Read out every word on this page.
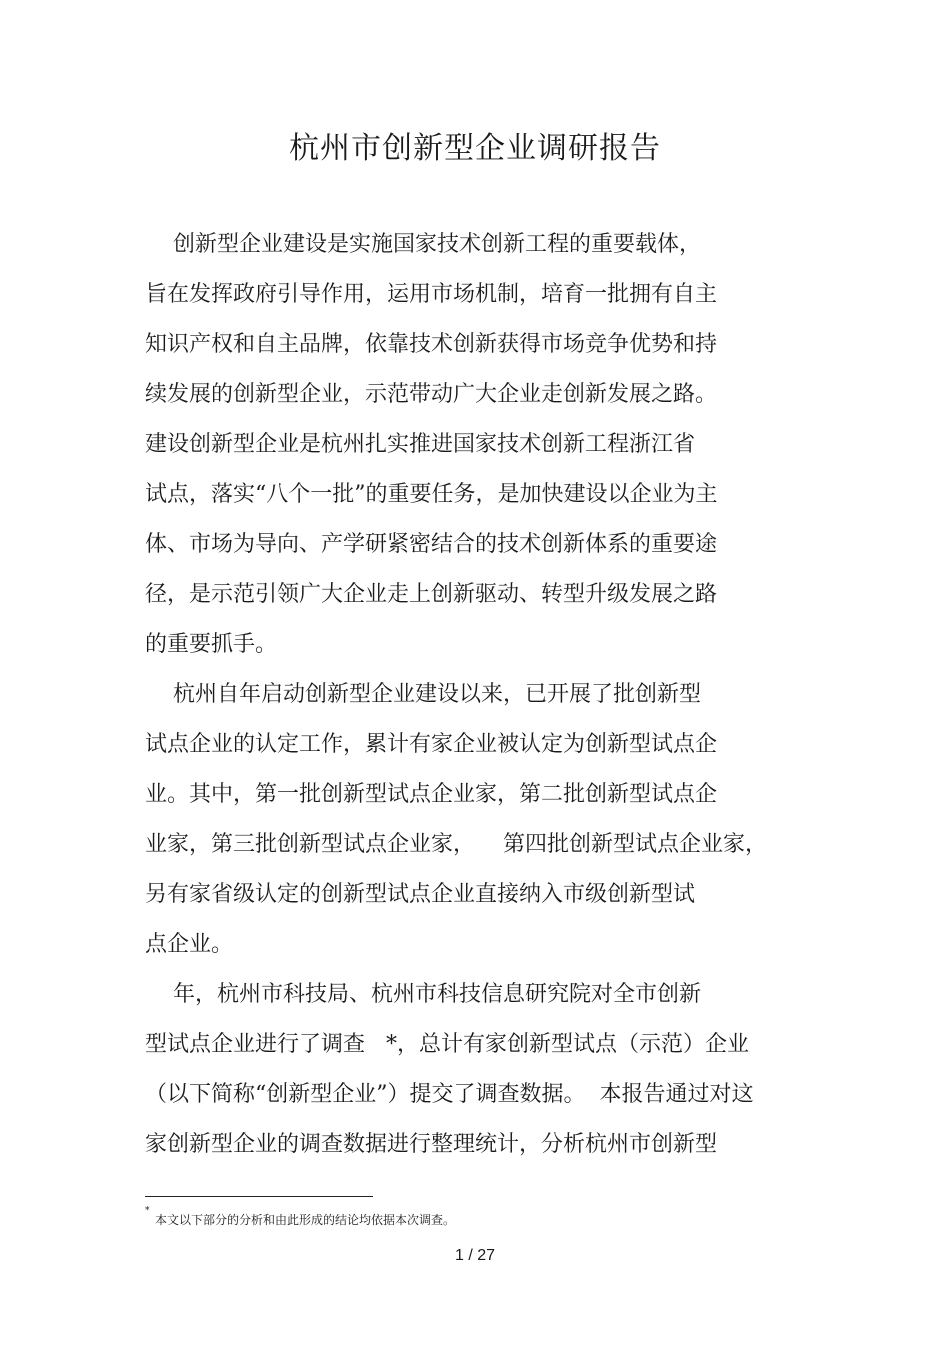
杭州市创新型企业调研报告
创新型企业建设是实施国家技术创新工程的重要载体，
旨在发挥政府引导作用，运用市场机制，培育一批拥有自主
知识产权和自主品牌，依靠技术创新获得市场竞争优势和持
续发展的创新型企业，示范带动广大企业走创新发展之路。
建设创新型企业是杭州扎实推进国家技术创新工程浙江省
试点，落实“八个一批”的重要任务，是加快建设以企业为主
体、市场为导向、产学研紧密结合的技术创新体系的重要途
径，是示范引领广大企业走上创新驱动、转型升级发展之路
的重要抓手。
杭州自年启动创新型企业建设以来，已开展了批创新型
试点企业的认定工作，累计有家企业被认定为创新型试点企
业。其中，第一批创新型试点企业家，第二批创新型试点企
业家，第三批创新型试点企业家，    第四批创新型试点企业家，
另有家省级认定的创新型试点企业直接纳入市级创新型试
点企业。
年，杭州市科技局、杭州市科技信息研究院对全市创新
型试点企业进行了调查   *，总计有家创新型试点（示范）企业
（以下简称“创新型企业”）提交了调查数据。  本报告通过对这
家创新型企业的调查数据进行整理统计，分析杭州市创新型
*
本文以下部分的分析和由此形成的结论均依据本次调查。
1 / 27
